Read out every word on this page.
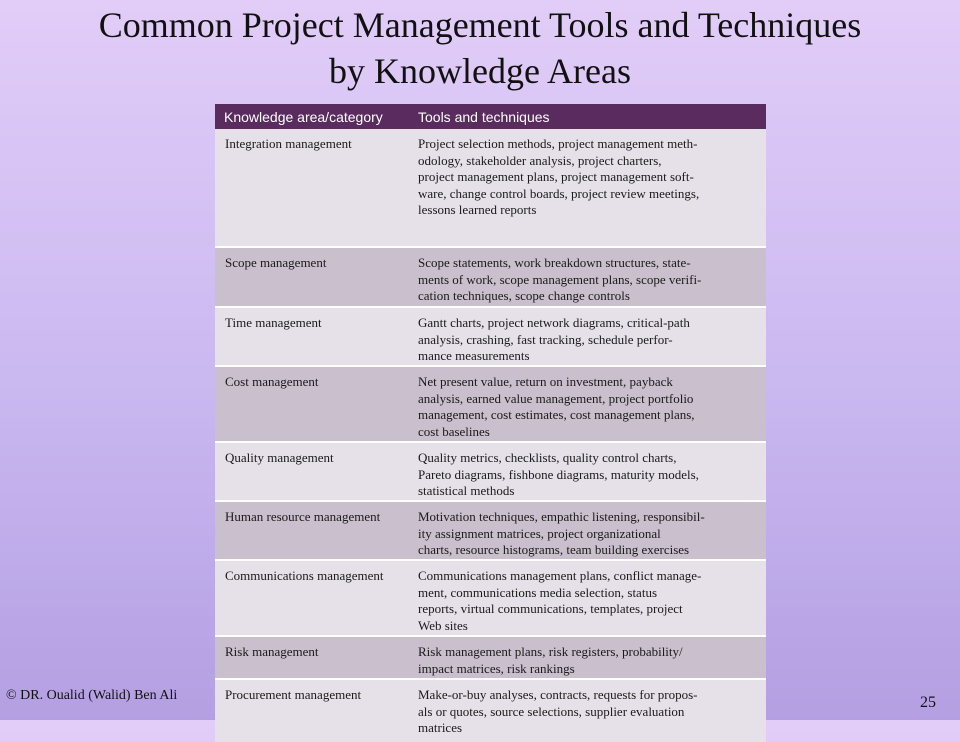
Common Project Management Tools and Techniques
by Knowledge Areas
Knowledge area/category	Tools and techniques
Integration management	Project selection methods, project management meth-
odology, stakeholder analysis, project charters,
project management plans, project management soft-
ware, change control boards, project review meetings,
lessons learned reports
Scope management	Scope statements, work breakdown structures, state-
ments of work, scope management plans, scope verifi-
cation techniques, scope change controls
Time management	Gantt charts, project network diagrams, critical-path
analysis, crashing, fast tracking, schedule perfor-
mance measurements
Cost management	Net present value, return on investment, payback
analysis, earned value management, project portfolio
management, cost estimates, cost management plans,
cost baselines
Quality management	Quality metrics, checklists, quality control charts,
Pareto diagrams, fishbone diagrams, maturity models,
statistical methods
Human resource management	Motivation techniques, empathic listening, responsibil-
ity assignment matrices, project organizational
charts, resource histograms, team building exercises
Communications management	Communications management plans, conflict manage-
ment, communications media selection, status
reports, virtual communications, templates, project
Web sites
Risk management	Risk management plans, risk registers, probability/
impact matrices, risk rankings
Procurement management	Make-or-buy analyses, contracts, requests for propos-
als or quotes, source selections, supplier evaluation
matrices
© DR. Oualid (Walid) Ben Ali	25
